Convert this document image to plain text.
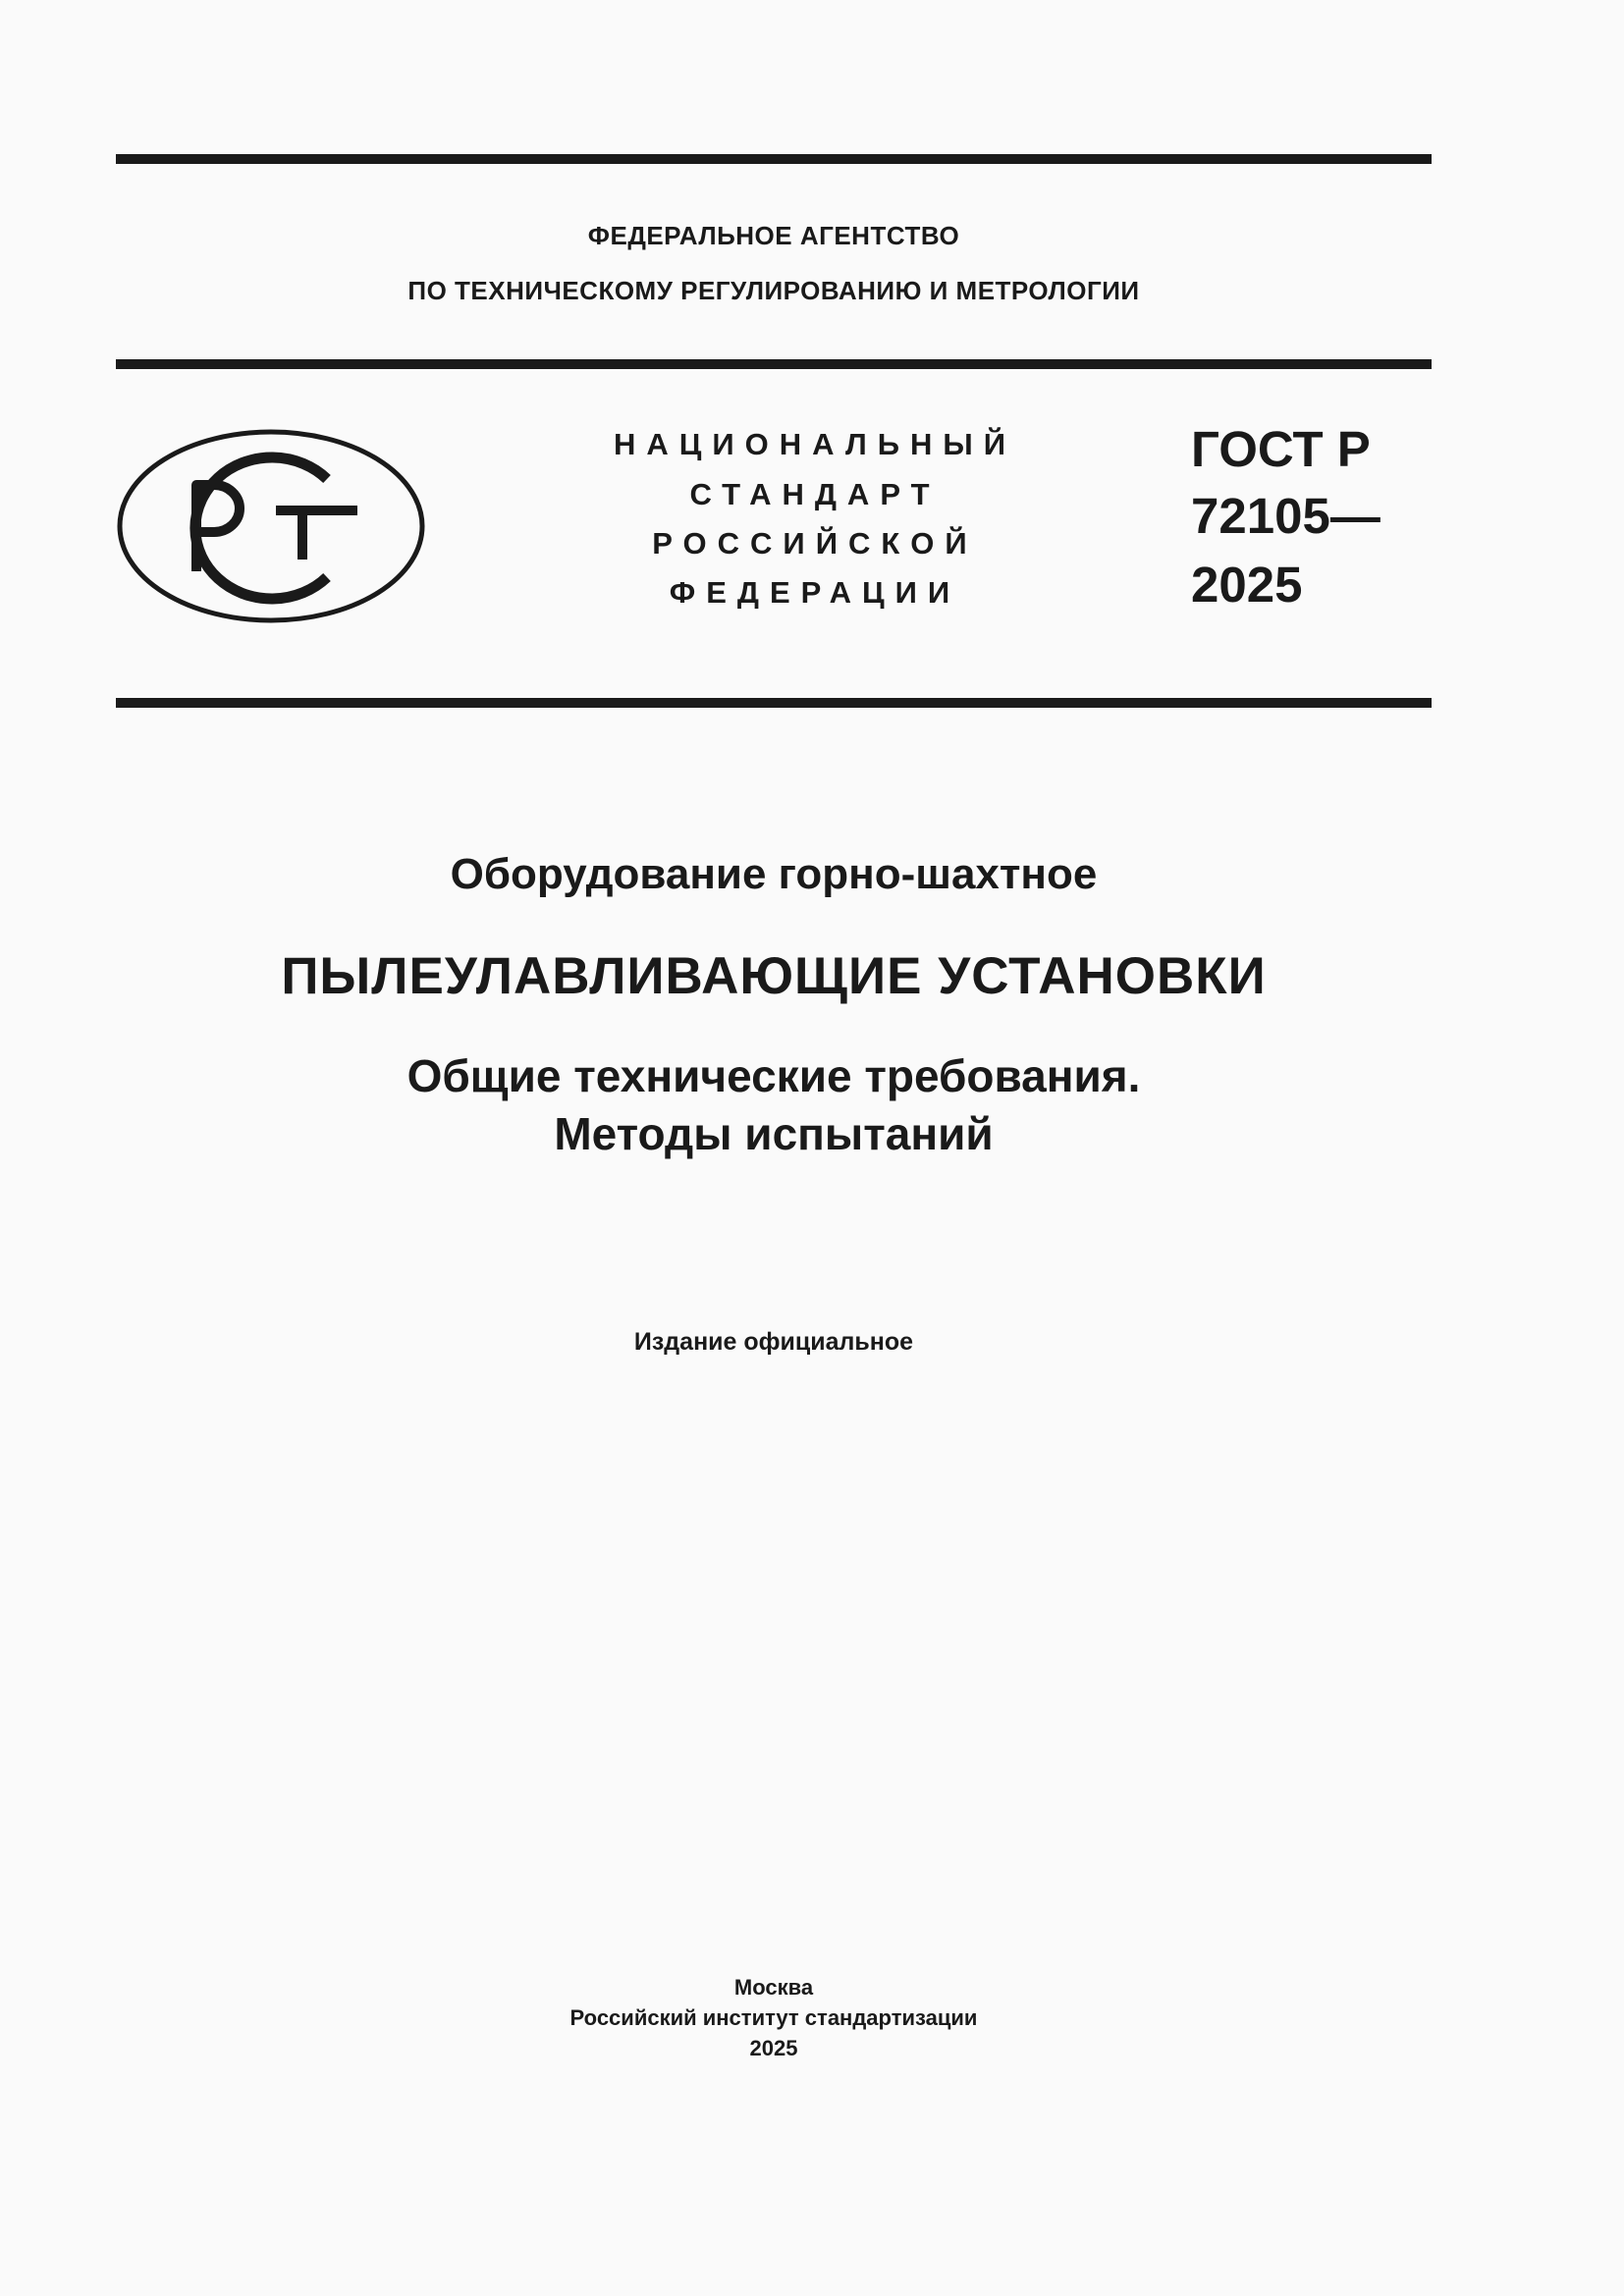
ФЕДЕРАЛЬНОЕ АГЕНТСТВО
ПО ТЕХНИЧЕСКОМУ РЕГУЛИРОВАНИЮ И МЕТРОЛОГИИ
НАЦИОНАЛЬНЫЙ
СТАНДАРТ
РОССИЙСКОЙ
ФЕДЕРАЦИИ
ГОСТ Р
72105—
2025
Оборудование горно-шахтное
ПЫЛЕУЛАВЛИВАЮЩИЕ УСТАНОВКИ
Общие технические требования.
Методы испытаний
Издание официальное
Москва
Российский институт стандартизации
2025
